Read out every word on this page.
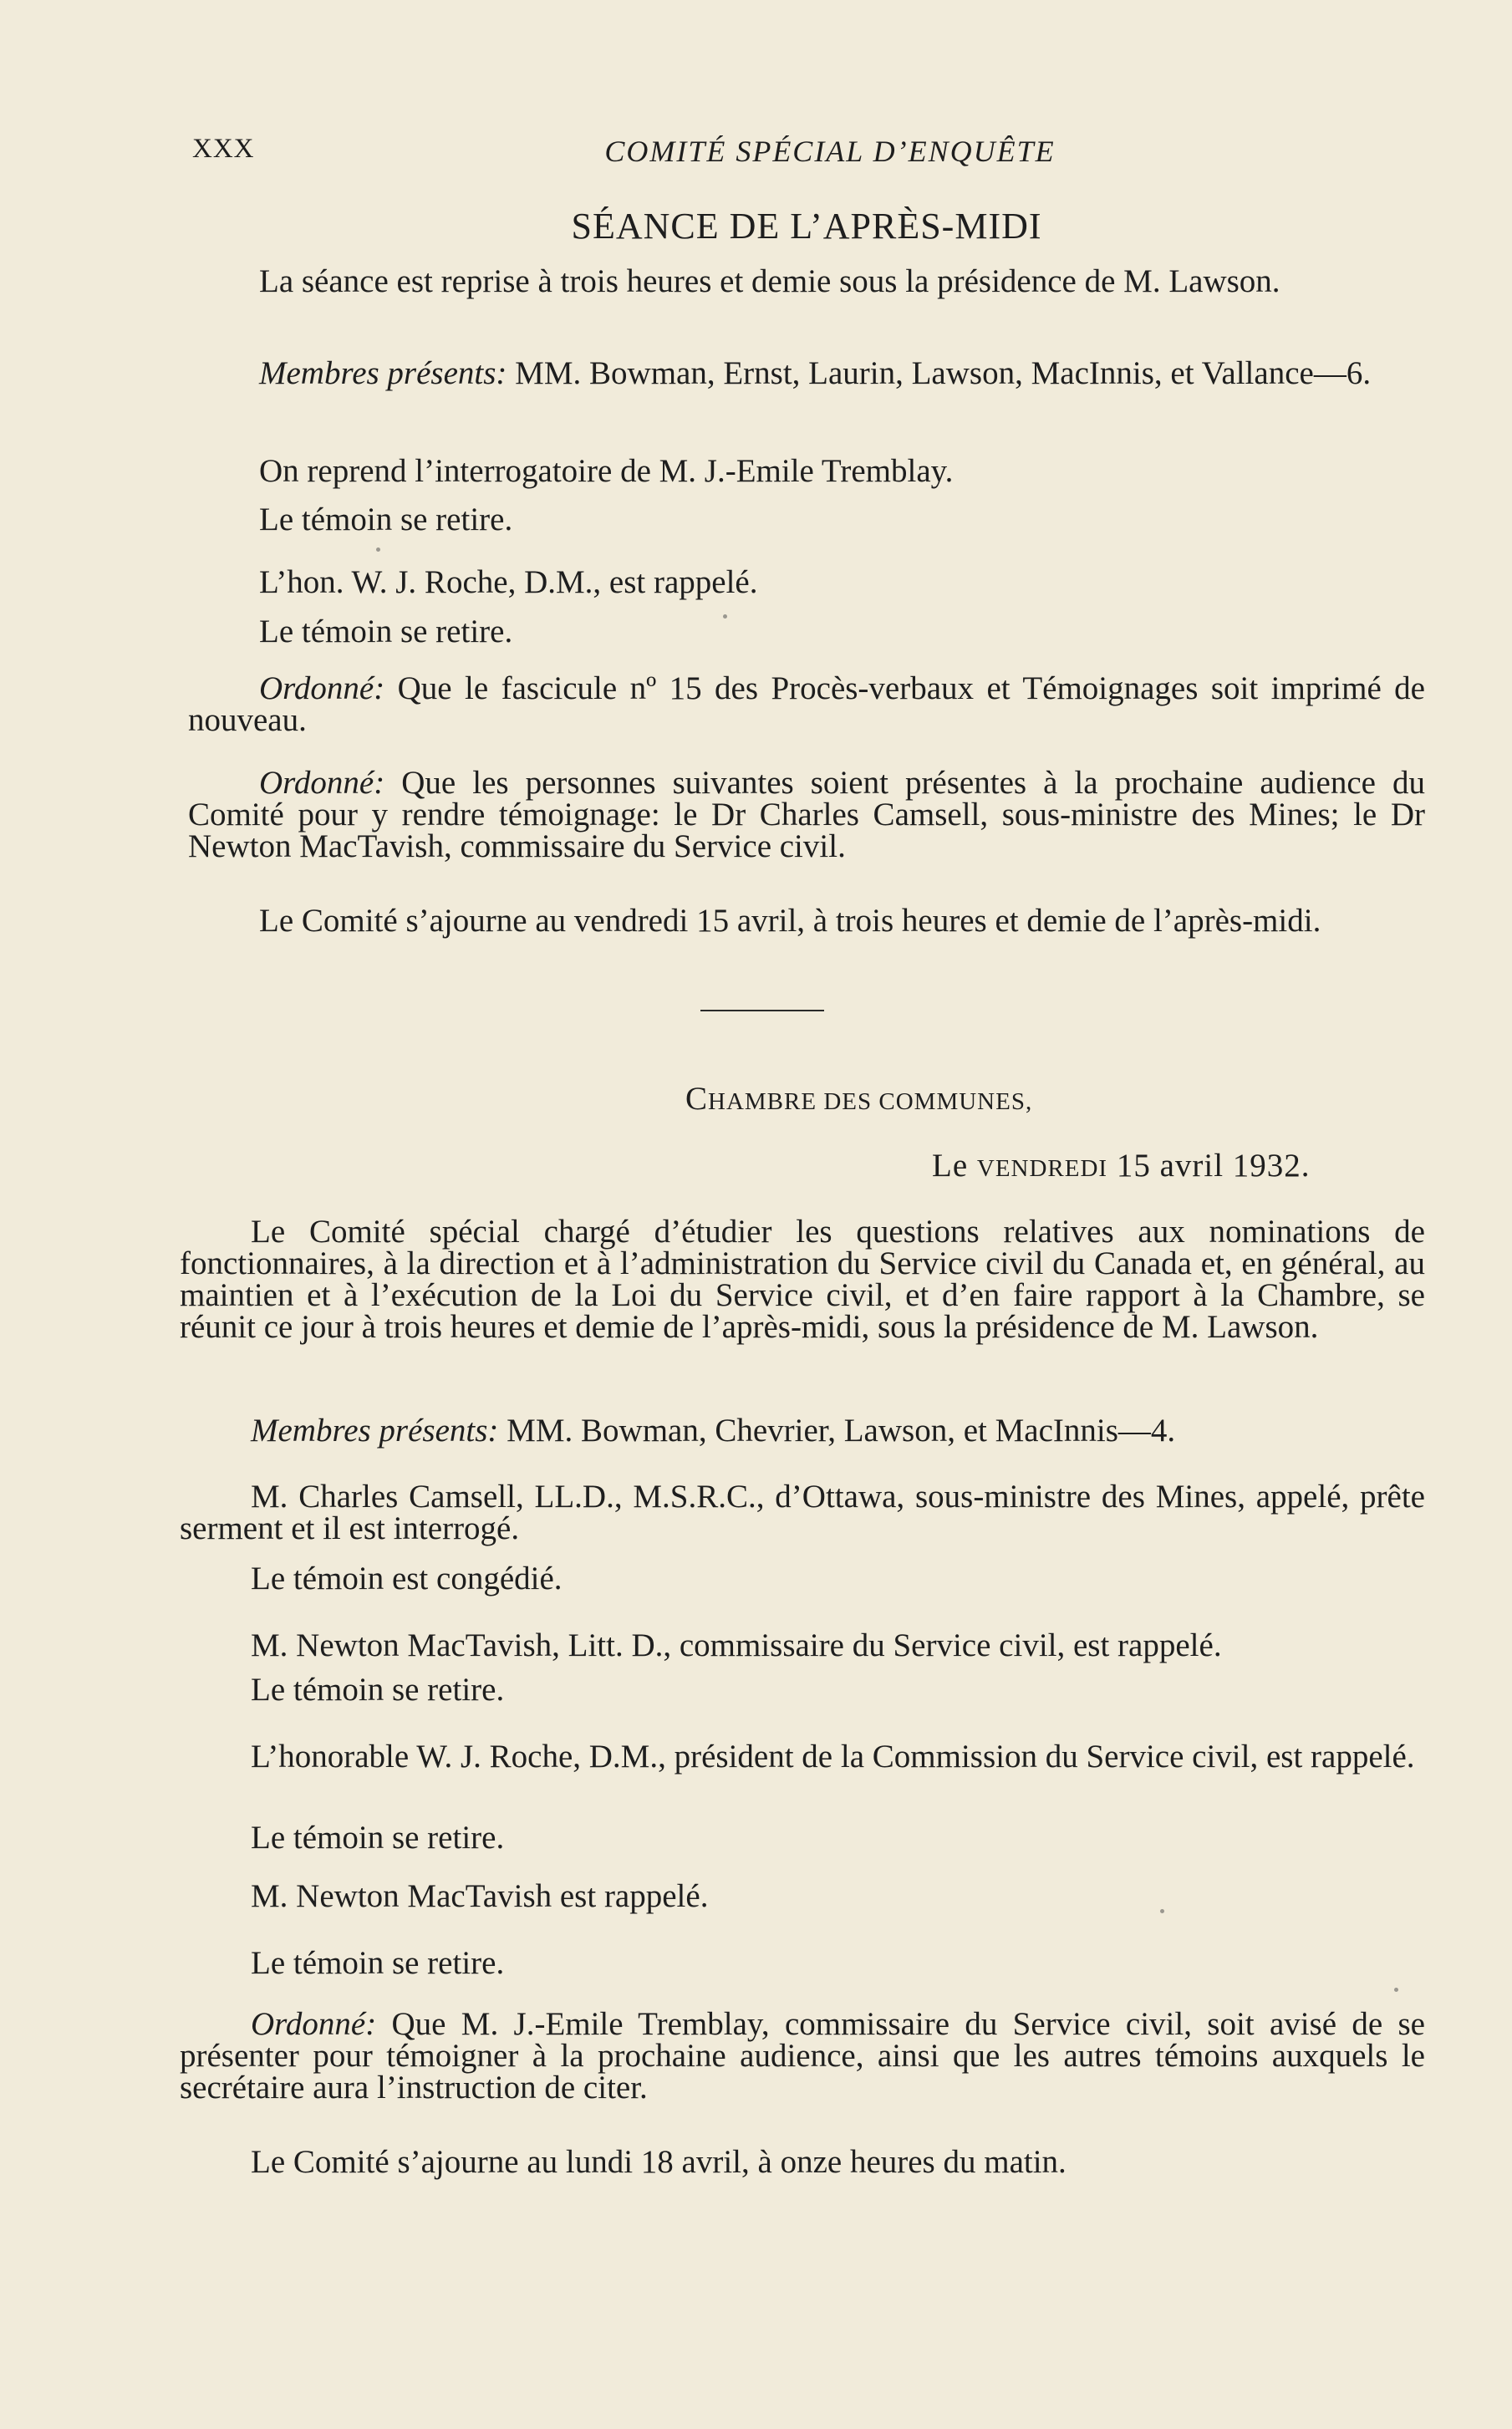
XXX	COMITÉ SPÉCIAL D’ENQUÊTE
SÉANCE DE L’APRÈS-MIDI

La séance est reprise à trois heures et demie sous la présidence de M. Lawson.

Membres présents: MM. Bowman, Ernst, Laurin, Lawson, MacInnis, et Vallance—6.

On reprend l’interrogatoire de M. J.-Emile Tremblay.

Le témoin se retire.

L’hon. W. J. Roche, D.M., est rappelé.

Le témoin se retire.

Ordonné: Que le fascicule nº 15 des Procès-verbaux et Témoignages soit imprimé de nouveau.

Ordonné: Que les personnes suivantes soient présentes à la prochaine audience du Comité pour y rendre témoignage: le Dr Charles Camsell, sous-ministre des Mines; le Dr Newton MacTavish, commissaire du Service civil.

Le Comité s’ajourne au vendredi 15 avril, à trois heures et demie de l’après-midi.

CHAMBRE DES COMMUNES,
Le VENDREDI 15 avril 1932.

Le Comité spécial chargé d’étudier les questions relatives aux nominations de fonctionnaires, à la direction et à l’administration du Service civil du Canada et, en général, au maintien et à l’exécution de la Loi du Service civil, et d’en faire rapport à la Chambre, se réunit ce jour à trois heures et demie de l’après-midi, sous la présidence de M. Lawson.

Membres présents: MM. Bowman, Chevrier, Lawson, et MacInnis—4.

M. Charles Camsell, LL.D., M.S.R.C., d’Ottawa, sous-ministre des Mines, appelé, prête serment et il est interrogé.

Le témoin est congédié.

M. Newton MacTavish, Litt. D., commissaire du Service civil, est rappelé.

Le témoin se retire.

L’honorable W. J. Roche, D.M., président de la Commission du Service civil, est rappelé.

Le témoin se retire.

M. Newton MacTavish est rappelé.

Le témoin se retire.

Ordonné: Que M. J.-Emile Tremblay, commissaire du Service civil, soit avisé de se présenter pour témoigner à la prochaine audience, ainsi que les autres témoins auxquels le secrétaire aura l’instruction de citer.

Le Comité s’ajourne au lundi 18 avril, à onze heures du matin.
